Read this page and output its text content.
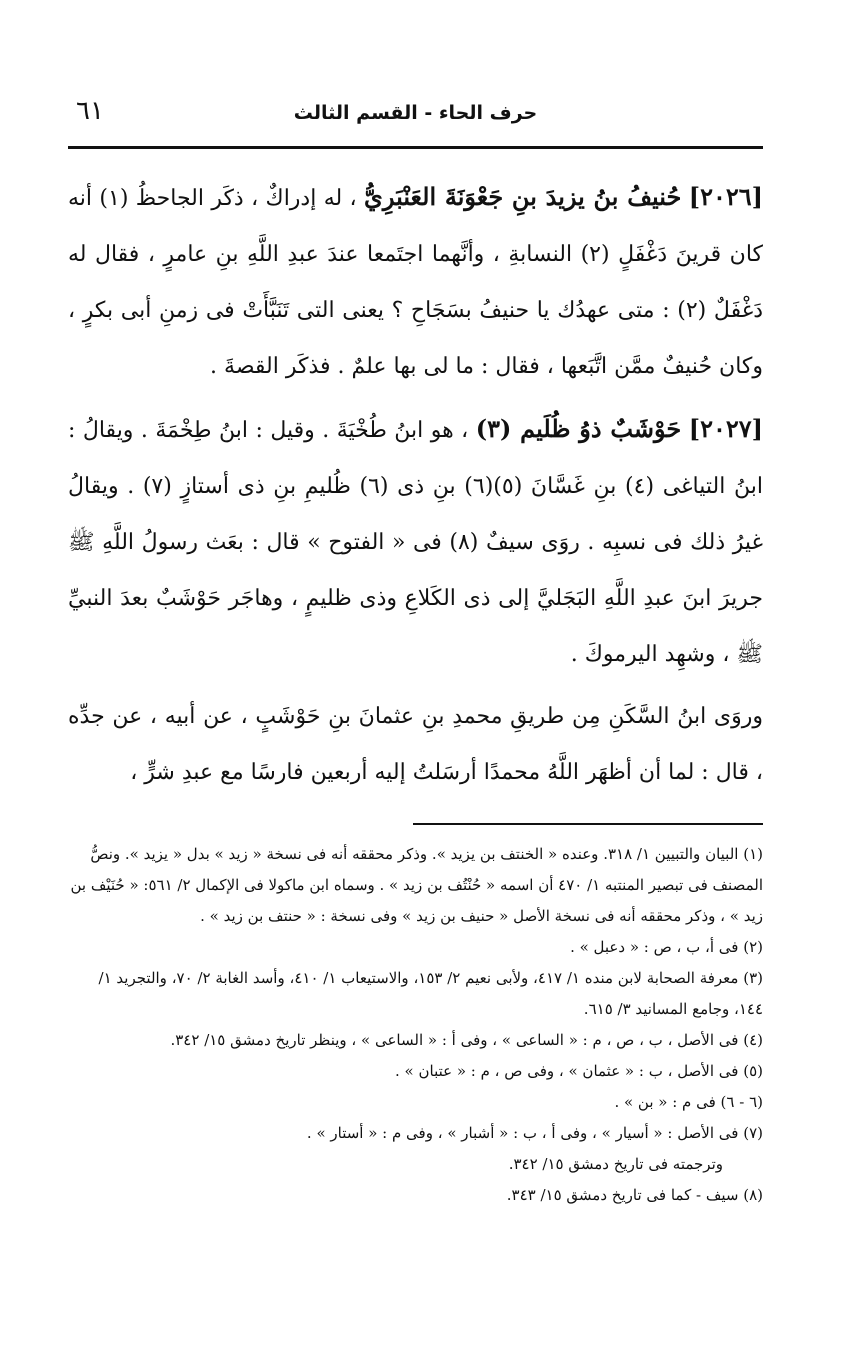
٦١	حرف الحاء - القسم الثالث

[٢٠٢٦] حُنيفُ بنُ يزيدَ بنِ جَعْوَنَةَ العَنْبَرِيُّ ، له إدراكٌ ، ذكَر الجاحظُ (١) أنه كان قرينَ دَغْفَلٍ (٢) النسابةِ ، وأنَّهما اجتَمعا عندَ عبدِ اللَّهِ بنِ عامرٍ ، فقال له دَغْفَلٌ (٢) : متى عهدُك يا حنيفُ بسَجَاحِ ؟ يعنى التى تَنَبَّأَتْ فى زمنِ أبى بكرٍ ، وكان حُنيفٌ ممَّن اتَّبَعها ، فقال : ما لى بها علمٌ . فذكَر القصةَ .

[٢٠٢٧] حَوْشَبٌ ذوُ ظُلَيم (٣) ، هو ابنُ طُخْيَةَ . وقيل : ابنُ طِخْمَةَ . ويقالُ : ابنُ التياغى (٤) بنِ غَسَّانَ (٥)(٦) بنِ ذى (٦) ظُليمِ بنِ ذى أستازٍ (٧) . ويقالُ غيرُ ذلك فى نسبِه . روَى سيفٌ (٨) فى « الفتوح » قال : بعَث رسولُ اللَّهِ ﷺ جريرَ ابنَ عبدِ اللَّهِ البَجَليَّ إلى ذى الكَلاعِ وذى ظليمٍ ، وهاجَر حَوْشَبٌ بعدَ النبيِّ ﷺ ، وشهِد اليرموكَ .

وروَى ابنُ السَّكَنِ مِن طريقِ محمدِ بنِ عثمانَ بنِ حَوْشَبٍ ، عن أبيه ، عن جدِّه ، قال : لما أن أظهَر اللَّهُ محمدًا أرسَلتُ إليه أربعين فارسًا مع عبدِ شرٍّ ،

(١) البيان والتبيين ١/ ٣١٨. وعنده « الخنتف بن يزيد ». وذكر محققه أنه فى نسخة « زيد » بدل « يزيد ». ونصُّ المصنف فى تبصير المنتبه ١/ ٤٧٠ أن اسمه « حُنْتُف بن زيد » . وسماه ابن ماكولا فى الإكمال ٢/ ٥٦١: « حُنَيْف بن زيد » ، وذكر محققه أنه فى نسخة الأصل « حنيف بن زيد » وفى نسخة : « حنتف بن زيد » .

(٢) فى أ، ب ، ص : « دعبل » .

(٣) معرفة الصحابة لابن منده ١/ ٤١٧، ولأبى نعيم ٢/ ١٥٣، والاستيعاب ١/ ٤١٠، وأسد الغابة ٢/ ٧٠، والتجريد ١/ ١٤٤، وجامع المسانيد ٣/ ٦١٥.

(٤) فى الأصل ، ب ، ص ، م : « الساعى » ، وفى أ : « الساعى » ، وينظر تاريخ دمشق ١٥/ ٣٤٢.

(٥) فى الأصل ، ب : « عثمان » ، وفى ص ، م : « عتبان » .

(٦ - ٦) فى م : « بن » .

(٧) فى الأصل : « أسيار » ، وفى أ ، ب : « أشبار » ، وفى م : « أستار » .

وترجمته فى تاريخ دمشق ١٥/ ٣٤٢.

(٨) سيف - كما فى تاريخ دمشق ١٥/ ٣٤٣.
